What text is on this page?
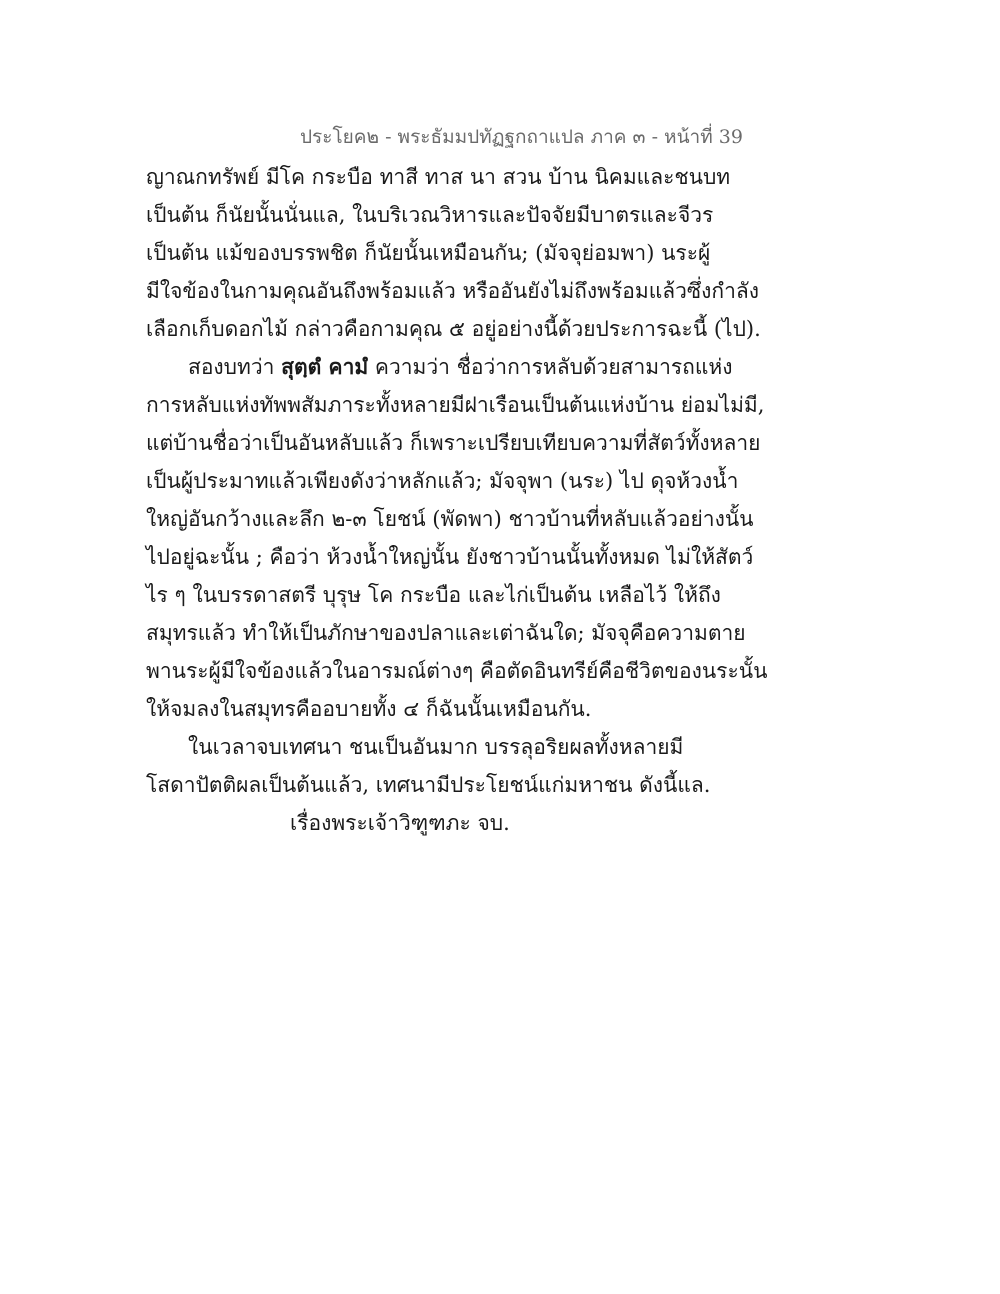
ประโยค๒ - พระธัมมปทัฏฐกถาแปล ภาค ๓ - หน้าที่ 39
ญาณกทรัพย์ มีโค กระบือ ทาสี ทาส นา สวน บ้าน นิคมและชนบท
เป็นต้น ก็นัยนั้นนั่นแล, ในบริเวณวิหารและปัจจัยมีบาตรและจีวร
เป็นต้น แม้ของบรรพชิต ก็นัยนั้นเหมือนกัน; (มัจจุย่อมพา) นระผู้
มีใจข้องในกามคุณอันถึงพร้อมแล้ว หรืออันยังไม่ถึงพร้อมแล้วซึ่งกำลัง
เลือกเก็บดอกไม้ กล่าวคือกามคุณ ๕ อยู่อย่างนี้ด้วยประการฉะนี้ (ไป).
สองบทว่า สุตฺตํ คามํ ความว่า ชื่อว่าการหลับด้วยสามารถแห่ง
การหลับแห่งทัพพสัมภาระทั้งหลายมีฝาเรือนเป็นต้นแห่งบ้าน ย่อมไม่มี,
แต่บ้านชื่อว่าเป็นอันหลับแล้ว ก็เพราะเปรียบเทียบความที่สัตว์ทั้งหลาย
เป็นผู้ประมาทแล้วเพียงดังว่าหลักแล้ว; มัจจุพา (นระ) ไป ดุจห้วงน้ำ
ใหญ่อันกว้างและลึก ๒-๓ โยชน์ (พัดพา) ชาวบ้านที่หลับแล้วอย่างนั้น
ไปอยู่ฉะนั้น ; คือว่า ห้วงน้ำใหญ่นั้น ยังชาวบ้านนั้นทั้งหมด ไม่ให้สัตว์
ไร ๆ ในบรรดาสตรี บุรุษ โค กระบือ และไก่เป็นต้น เหลือไว้ ให้ถึง
สมุทรแล้ว ทำให้เป็นภักษาของปลาและเต่าฉันใด; มัจจุคือความตาย
พานระผู้มีใจข้องแล้วในอารมณ์ต่างๆ คือตัดอินทรีย์คือชีวิตของนระนั้น
ให้จมลงในสมุทรคืออบายทั้ง ๔ ก็ฉันนั้นเหมือนกัน.
ในเวลาจบเทศนา ชนเป็นอันมาก บรรลุอริยผลทั้งหลายมี
โสดาปัตติผลเป็นต้นแล้ว, เทศนามีประโยชน์แก่มหาชน ดังนี้แล.
เรื่องพระเจ้าวิฑูฑภะ จบ.
